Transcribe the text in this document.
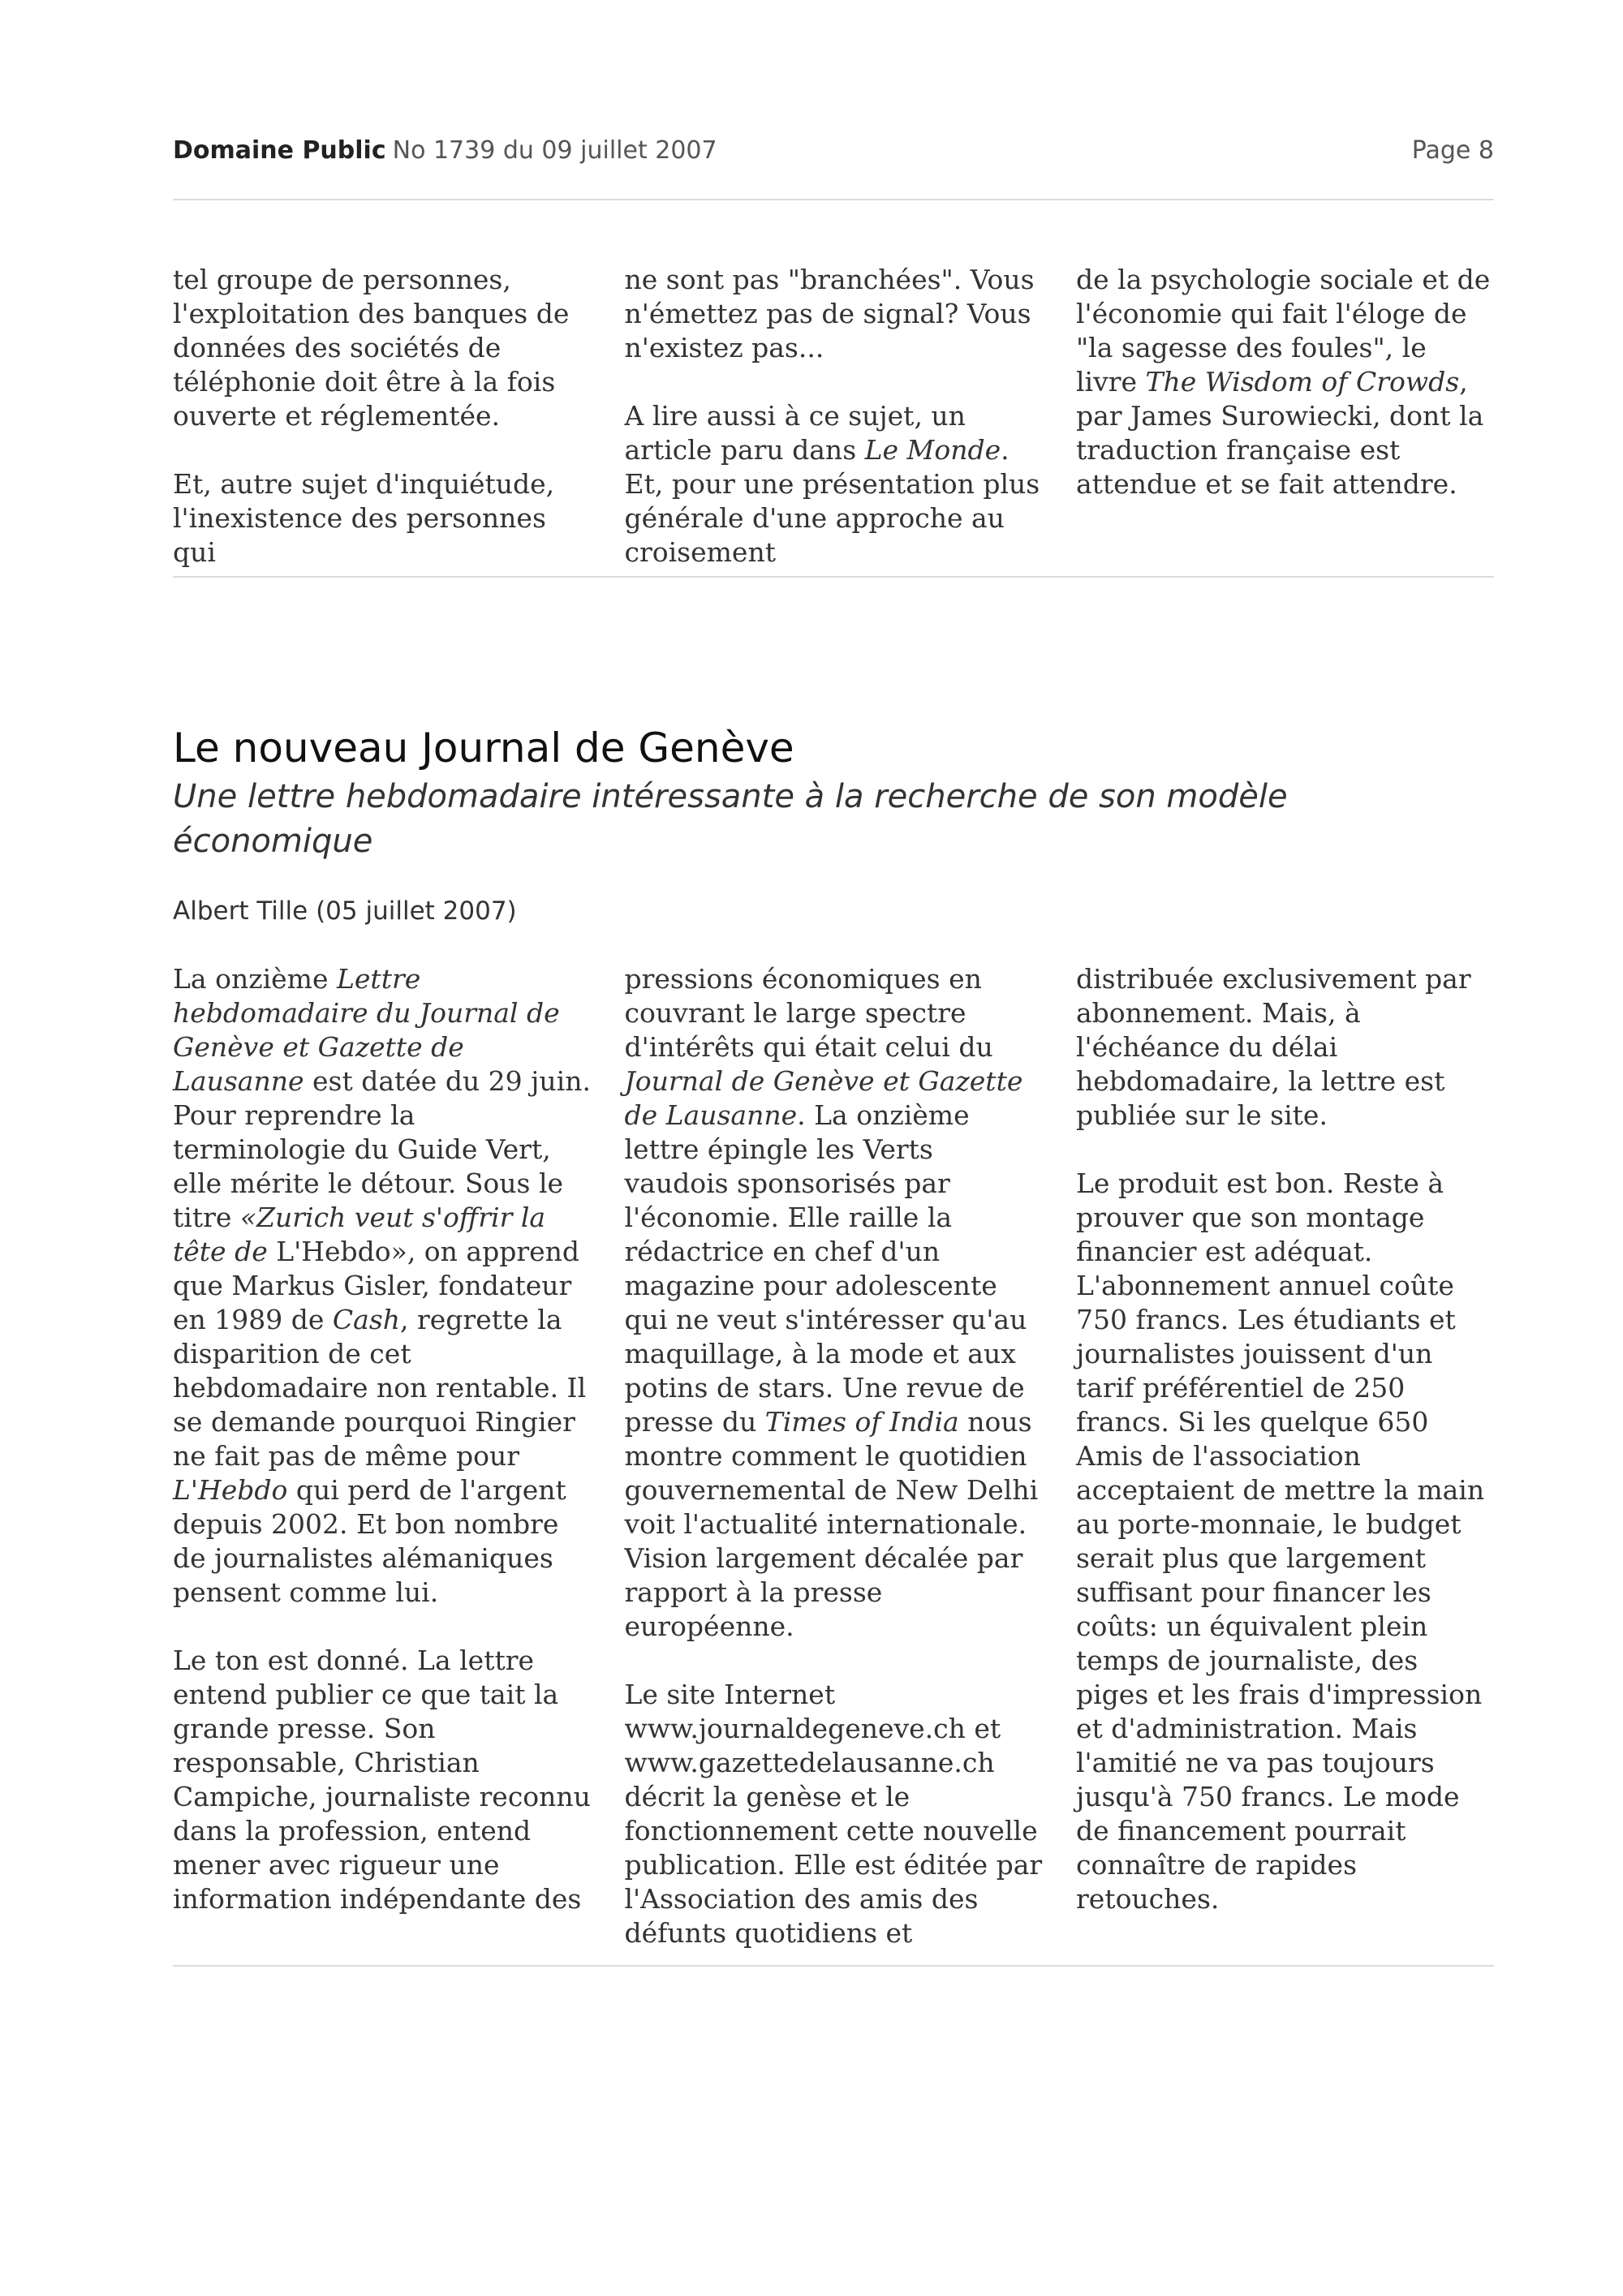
Domaine Public No 1739 du 09 juillet 2007	Page 8

tel groupe de personnes, l'exploitation des banques de données des sociétés de téléphonie doit être à la fois ouverte et réglementée.

Et, autre sujet d'inquiétude, l'inexistence des personnes qui

ne sont pas "branchées". Vous n'émettez pas de signal? Vous n'existez pas...

A lire aussi à ce sujet, un article paru dans Le Monde. Et, pour une présentation plus générale d'une approche au croisement

de la psychologie sociale et de l'économie qui fait l'éloge de "la sagesse des foules", le livre The Wisdom of Crowds, par James Surowiecki, dont la traduction française est attendue et se fait attendre.

Le nouveau Journal de Genève
Une lettre hebdomadaire intéressante à la recherche de son modèle économique
Albert Tille (05 juillet 2007)

La onzième Lettre hebdomadaire du Journal de Genève et Gazette de Lausanne est datée du 29 juin. Pour reprendre la terminologie du Guide Vert, elle mérite le détour. Sous le titre «Zurich veut s'offrir la tête de L'Hebdo», on apprend que Markus Gisler, fondateur en 1989 de Cash, regrette la disparition de cet hebdomadaire non rentable. Il se demande pourquoi Ringier ne fait pas de même pour L'Hebdo qui perd de l'argent depuis 2002. Et bon nombre de journalistes alémaniques pensent comme lui.

Le ton est donné. La lettre entend publier ce que tait la grande presse. Son responsable, Christian Campiche, journaliste reconnu dans la profession, entend mener avec rigueur une information indépendante des

pressions économiques en couvrant le large spectre d'intérêts qui était celui du Journal de Genève et Gazette de Lausanne. La onzième lettre épingle les Verts vaudois sponsorisés par l'économie. Elle raille la rédactrice en chef d'un magazine pour adolescente qui ne veut s'intéresser qu'au maquillage, à la mode et aux potins de stars. Une revue de presse du Times of India nous montre comment le quotidien gouvernemental de New Delhi voit l'actualité internationale. Vision largement décalée par rapport à la presse européenne.

Le site Internet www.journaldegeneve.ch et www.gazettedelausanne.ch décrit la genèse et le fonctionnement cette nouvelle publication. Elle est éditée par l'Association des amis des défunts quotidiens et

distribuée exclusivement par abonnement. Mais, à l'échéance du délai hebdomadaire, la lettre est publiée sur le site.

Le produit est bon. Reste à prouver que son montage financier est adéquat. L'abonnement annuel coûte 750 francs. Les étudiants et journalistes jouissent d'un tarif préférentiel de 250 francs. Si les quelque 650 Amis de l'association acceptaient de mettre la main au porte-monnaie, le budget serait plus que largement suffisant pour financer les coûts: un équivalent plein temps de journaliste, des piges et les frais d'impression et d'administration. Mais l'amitié ne va pas toujours jusqu'à 750 francs. Le mode de financement pourrait connaître de rapides retouches.
